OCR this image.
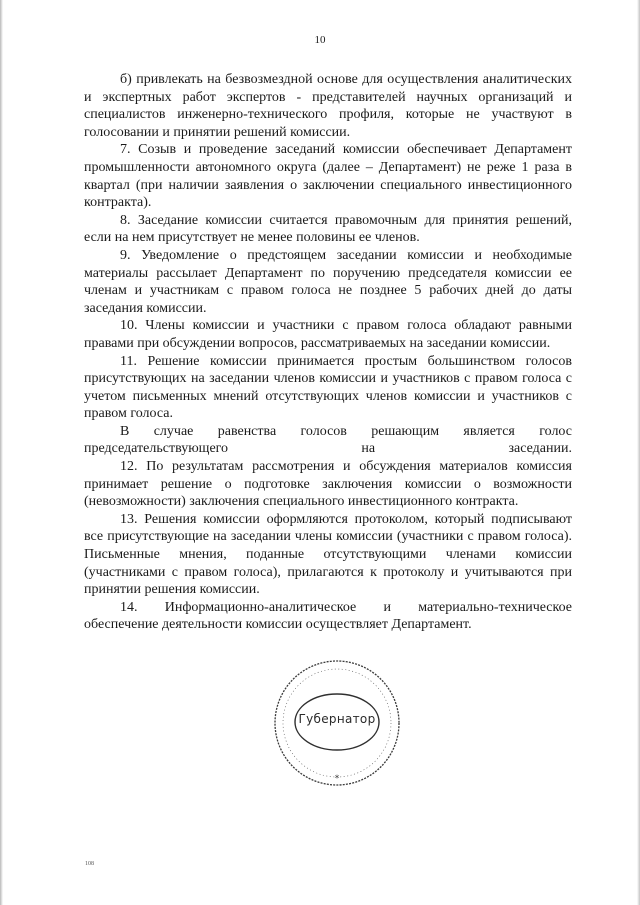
10

б) привлекать на безвозмездной основе для осуществления аналитических и экспертных работ экспертов - представителей научных организаций и специалистов инженерно-технического профиля, которые не участвуют в голосовании и принятии решений комиссии.

7. Созыв и проведение заседаний комиссии обеспечивает Департамент промышленности автономного округа (далее – Департамент) не реже 1 раза в квартал (при наличии заявления о заключении специального инвестиционного контракта).

8. Заседание комиссии считается правомочным для принятия решений, если на нем присутствует не менее половины ее членов.

9. Уведомление о предстоящем заседании комиссии и необходимые материалы рассылает Департамент по поручению председателя комиссии ее членам и участникам с правом голоса не позднее 5 рабочих дней до даты заседания комиссии.

10. Члены комиссии и участники с правом голоса обладают равными правами при обсуждении вопросов, рассматриваемых на заседании комиссии.

11. Решение комиссии принимается простым большинством голосов присутствующих на заседании членов комиссии и участников с правом голоса с учетом письменных мнений отсутствующих членов комиссии и участников с правом голоса.

В случае равенства голосов решающим является голос председательствующего на заседании.

12. По результатам рассмотрения и обсуждения материалов комиссия принимает решение о подготовке заключения комиссии о возможности (невозможности) заключения специального инвестиционного контракта.

13. Решения комиссии оформляются протоколом, который подписывают все присутствующие на заседании члены комиссии (участники с правом голоса). Письменные мнения, поданные отсутствующими членами комиссии (участниками с правом голоса), прилагаются к протоколу и учитываются при принятии решения комиссии.

14. Информационно-аналитическое и материально-техническое обеспечение деятельности комиссии осуществляет Департамент.

*
Губернатор
108
